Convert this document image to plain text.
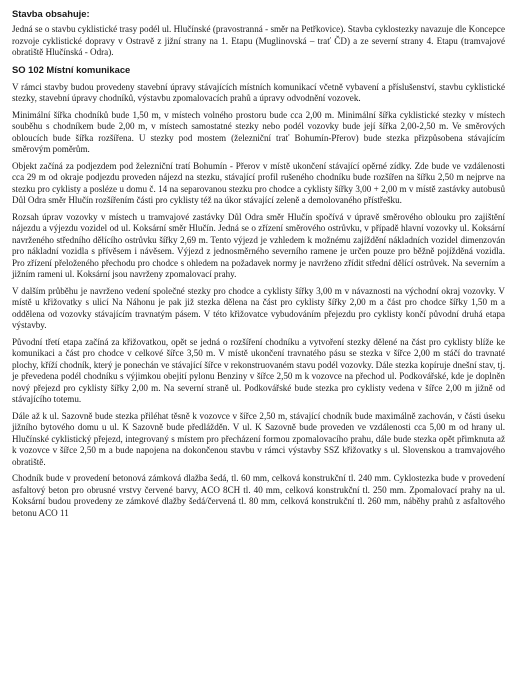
Stavba obsahuje:
Jedná se o stavbu cyklistické trasy podél ul. Hlučínské (pravostranná - směr na Petřkovice). Stavba cyklostezky navazuje dle Koncepce rozvoje cyklistické dopravy v Ostravě z jižní strany na 1. Etapu (Muglinovská – trať ČD) a ze severní strany 4. Etapu (tramvajové obratiště Hlučínská - Odra).
SO 102 Místní komunikace
V rámci stavby budou provedeny stavební úpravy stávajících místních komunikací včetně vybavení a příslušenství, stavbu cyklistické stezky, stavební úpravy chodníků, výstavbu zpomalovacích prahů a úpravy odvodnění vozovek.
Minimální šířka chodníků bude 1,50 m, v místech volného prostoru bude cca 2,00 m. Minimální šířka cyklistické stezky v místech souběhu s chodníkem bude 2,00 m, v místech samostatné stezky nebo podél vozovky bude její šířka 2,00-2,50 m. Ve směrových obloucích bude šířka rozšířena. U stezky pod mostem (železniční trať Bohumín-Přerov) bude stezka přizpůsobena stávajícím směrovým poměrům.
Objekt začíná za podjezdem pod železniční tratí Bohumín - Přerov v místě ukončení stávající opěrné zídky. Zde bude ve vzdálenosti cca 29 m od okraje podjezdu proveden nájezd na stezku, stávající profil rušeného chodníku bude rozšířen na šířku 2,50 m nejprve na stezku pro cyklisty a posléze u domu č. 14 na separovanou stezku pro chodce a cyklisty šířky 3,00 + 2,00 m v místě zastávky autobusů Důl Odra směr Hlučín rozšířením části pro cyklisty též na úkor stávající zeleně a demolovaného přístřešku.
Rozsah úprav vozovky v místech u tramvajové zastávky Důl Odra směr Hlučín spočívá v úpravě směrového oblouku pro zajištění nájezdu a výjezdu vozidel od ul. Koksární směr Hlučín. Jedná se o zřízení směrového ostrůvku, v případě hlavní vozovky ul. Koksární navrženého středního dělícího ostrůvku šířky 2,69 m. Tento výjezd je vzhledem k možnému zajíždění nákladních vozidel dimenzován pro nákladní vozidla s přívěsem i návěsem. Výjezd z jednosměrného severního ramene je určen pouze pro běžně pojížděná vozidla. Pro zřízení přeloženého přechodu pro chodce s ohledem na požadavek normy je navrženo zřídit střední dělící ostrůvek. Na severním a jižním rameni ul. Koksární jsou navrženy zpomalovací prahy.
V dalším průběhu je navrženo vedení společné stezky pro chodce a cyklisty šířky 3,00 m v návaznosti na východní okraj vozovky. V místě u křižovatky s ulicí Na Náhonu je pak již stezka dělena na část pro cyklisty šířky 2,00 m a část pro chodce šířky 1,50 m a oddělena od vozovky stávajícím travnatým pásem. V této křižovatce vybudováním přejezdu pro cyklisty končí původní druhá etapa výstavby.
Původní třetí etapa začíná za křižovatkou, opět se jedná o rozšíření chodníku a vytvoření stezky dělené na část pro cyklisty blíže ke komunikaci a část pro chodce v celkové šířce 3,50 m. V místě ukončení travnatého pásu se stezka v šířce 2,00 m stáčí do travnaté plochy, kříží chodník, který je ponechán ve stávající šířce v rekonstruovaném stavu podél vozovky. Dále stezka kopíruje dnešní stav, tj. je převedena podél chodníku s výjimkou obejití pylonu Benziny v šířce 2,50 m k vozovce na přechod ul. Podkovářské, kde je doplněn nový přejezd pro cyklisty šířky 2,00 m. Na severní straně ul. Podkovářské bude stezka pro cyklisty vedena v šířce 2,00 m jižně od stávajícího totemu.
Dále až k ul. Sazovně bude stezka přiléhat těsně k vozovce v šířce 2,50 m, stávající chodník bude maximálně zachován, v části úseku jižního bytového domu u ul. K Sazovně bude předlážděn. V ul. K Sazovně bude proveden ve vzdálenosti cca 5,00 m od hrany ul. Hlučínské cyklistický přejezd, integrovaný s místem pro přecházení formou zpomalovacího prahu, dále bude stezka opět přimknuta až k vozovce v šířce 2,50 m a bude napojena na dokončenou stavbu v rámci výstavby SSZ křižovatky s ul. Slovenskou a tramvajového obratiště.
Chodník bude v provedení betonová zámková dlažba šedá, tl. 60 mm, celková konstrukční tl. 240 mm. Cyklostezka bude v provedení asfaltový beton pro obrusné vrstvy červené barvy, ACO 8CH tl. 40 mm, celková konstrukční tl. 250 mm. Zpomalovací prahy na ul. Koksární budou provedeny ze zámkové dlažby šedá/červená tl. 80 mm, celková konstrukční tl. 260 mm, náběhy prahů z asfaltového betonu ACO 11
